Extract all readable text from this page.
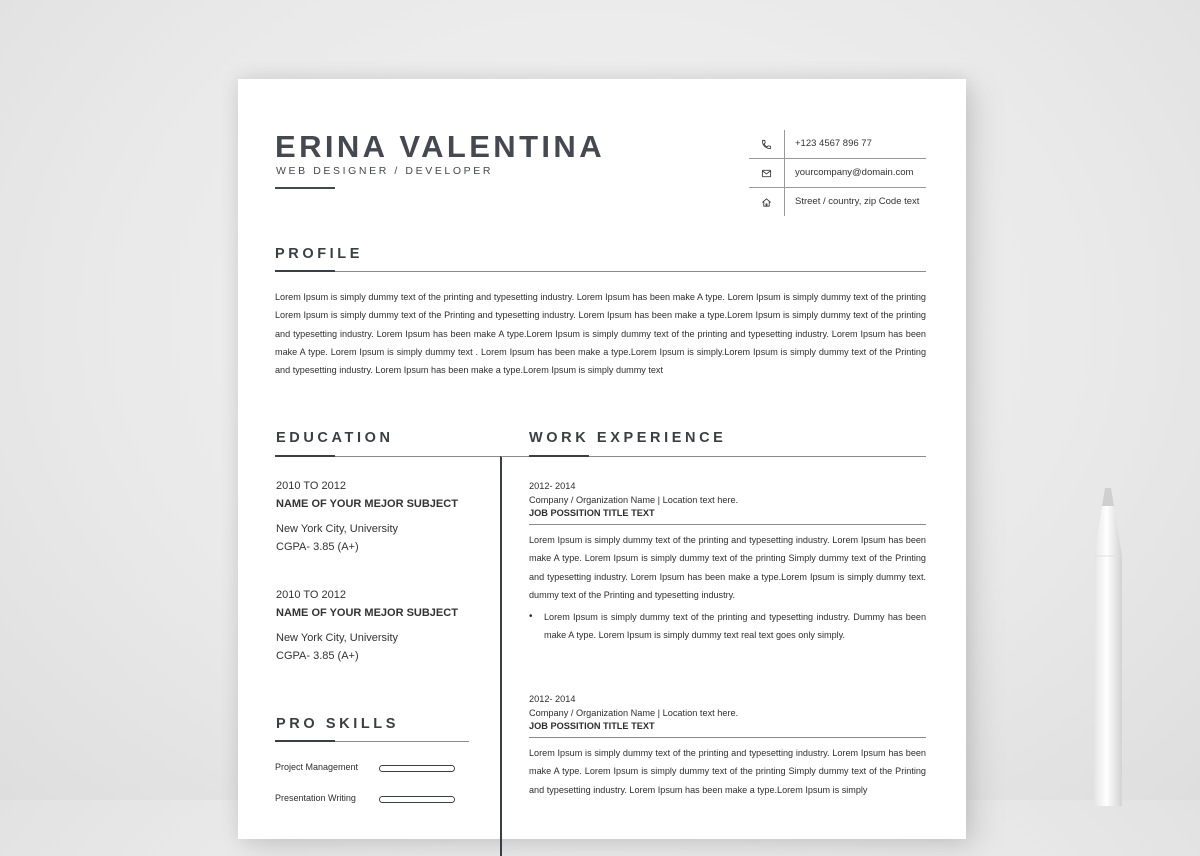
ERINA VALENTINA
WEB DESIGNER / DEVELOPER
+123 4567 896 77
yourcompany@domain.com
Street / country, zip Code text
PROFILE

Lorem Ipsum is simply dummy text of the printing and typesetting industry. Lorem Ipsum has been make A type. Lorem Ipsum is simply dummy text of the printing Lorem Ipsum is simply dummy text of the Printing and typesetting industry. Lorem Ipsum has been make a type.Lorem Ipsum is simply dummy text of the printing and typesetting industry. Lorem Ipsum has been make A type.Lorem Ipsum is simply dummy text of the printing and typesetting industry. Lorem Ipsum has been make A type. Lorem Ipsum is simply dummy text . Lorem Ipsum has been make a type.Lorem Ipsum is simply.Lorem Ipsum is simply dummy text of the Printing and typesetting industry. Lorem Ipsum has been make a type.Lorem Ipsum is simply dummy text

EDUCATION
2010 TO 2012
NAME OF YOUR MEJOR SUBJECT
New York City, University
CGPA- 3.85 (A+)
2010 TO 2012
NAME OF YOUR MEJOR SUBJECT
New York City, University
CGPA- 3.85 (A+)
PRO SKILLS
Project Management
Presentation Writing
WORK EXPERIENCE
2012- 2014
Company / Organization Name | Location text here.
JOB POSSITION TITLE TEXT

Lorem Ipsum is simply dummy text of the printing and typesetting industry. Lorem Ipsum has been make A type. Lorem Ipsum is simply dummy text of the printing Simply dummy text of the Printing and typesetting industry. Lorem Ipsum has been make a type.Lorem Ipsum is simply dummy text. dummy text of the Printing and typesetting industry.

• Lorem Ipsum is simply dummy text of the printing and typesetting industry. Dummy has been make A type. Lorem Ipsum is simply dummy text real text goes only simply.
2012- 2014
Company / Organization Name | Location text here.
JOB POSSITION TITLE TEXT

Lorem Ipsum is simply dummy text of the printing and typesetting industry. Lorem Ipsum has been make A type. Lorem Ipsum is simply dummy text of the printing Simply dummy text of the Printing and typesetting industry. Lorem Ipsum has been make a type.Lorem Ipsum is simply
